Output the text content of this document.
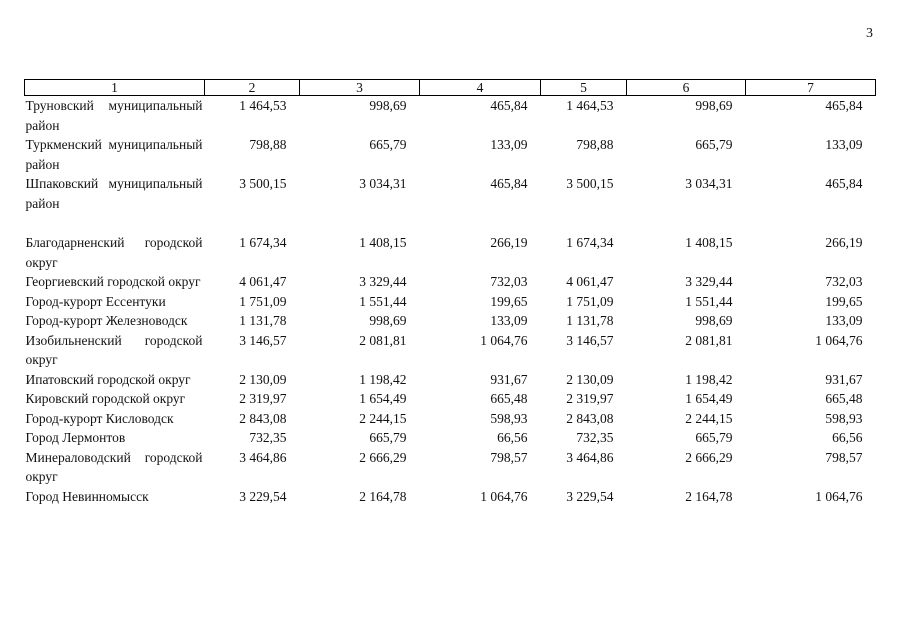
3
1	2	3	4	5	6	7
Труновский муниципальный район	1 464,53	998,69	465,84	1 464,53	998,69	465,84
Туркменский муниципальный район	798,88	665,79	133,09	798,88	665,79	133,09
Шпаковский муниципальный район	3 500,15	3 034,31	465,84	3 500,15	3 034,31	465,84

Благодарненский городской округ	1 674,34	1 408,15	266,19	1 674,34	1 408,15	266,19
Георгиевский городской округ	4 061,47	3 329,44	732,03	4 061,47	3 329,44	732,03
Город-курорт Ессентуки	1 751,09	1 551,44	199,65	1 751,09	1 551,44	199,65
Город-курорт Железноводск	1 131,78	998,69	133,09	1 131,78	998,69	133,09
Изобильненский городской округ	3 146,57	2 081,81	1 064,76	3 146,57	2 081,81	1 064,76
Ипатовский городской округ	2 130,09	1 198,42	931,67	2 130,09	1 198,42	931,67
Кировский городской округ	2 319,97	1 654,49	665,48	2 319,97	1 654,49	665,48
Город-курорт Кисловодск	2 843,08	2 244,15	598,93	2 843,08	2 244,15	598,93
Город Лермонтов	732,35	665,79	66,56	732,35	665,79	66,56
Минераловодский городской округ	3 464,86	2 666,29	798,57	3 464,86	2 666,29	798,57
Город Невинномысск	3 229,54	2 164,78	1 064,76	3 229,54	2 164,78	1 064,76
